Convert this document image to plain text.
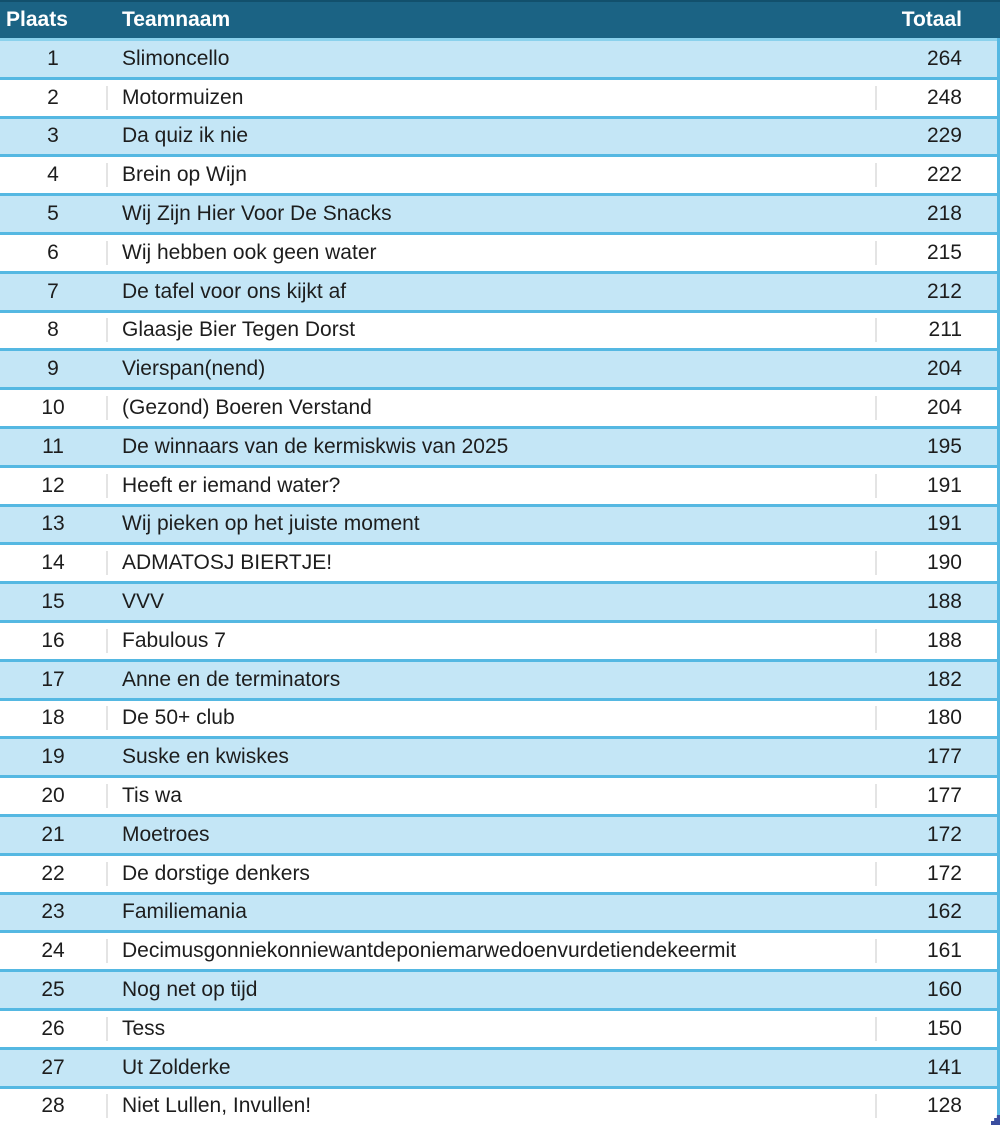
Plaats	Teamnaam	Totaal
1	Slimoncello	264
2	Motormuizen	248
3	Da quiz ik nie	229
4	Brein op Wijn	222
5	Wij Zijn Hier Voor De Snacks	218
6	Wij hebben ook geen water	215
7	De tafel voor ons kijkt af	212
8	Glaasje Bier Tegen Dorst	211
9	Vierspan(nend)	204
10	(Gezond) Boeren Verstand	204
11	De winnaars van de kermiskwis van 2025	195
12	Heeft er iemand water?	191
13	Wij pieken op het juiste moment	191
14	ADMATOSJ BIERTJE!	190
15	VVV	188
16	Fabulous 7	188
17	Anne en de terminators	182
18	De 50+ club	180
19	Suske en kwiskes	177
20	Tis wa	177
21	Moetroes	172
22	De dorstige denkers	172
23	Familiemania	162
24	Decimusgonniekonniewantdeponiemarwedoenvurdetiendekeermit	161
25	Nog net op tijd	160
26	Tess	150
27	Ut Zolderke	141
28	Niet Lullen, Invullen!	128
